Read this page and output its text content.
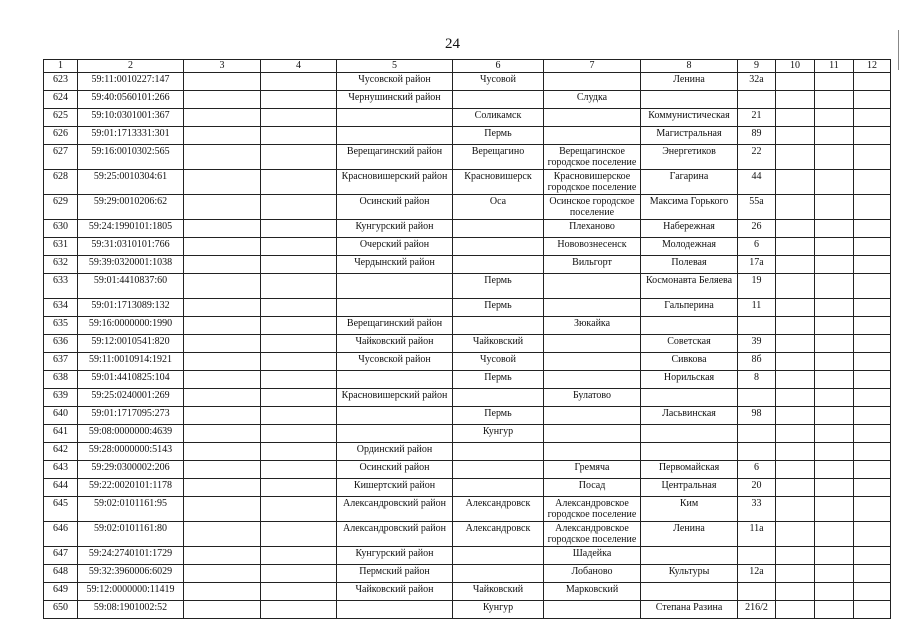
24
1	2	3	4	5	6	7	8	9	10	11	12
623	59:11:0010227:147			Чусовской район	Чусовой		Ленина	32а			
624	59:40:0560101:266			Чернушинский район		Слудка					
625	59:10:0301001:367				Соликамск		Коммунистическая	21			
626	59:01:1713331:301				Пермь		Магистральная	89			
627	59:16:0010302:565			Верещагинский район	Верещагино	Верещагинское городское поселение	Энергетиков	22			
628	59:25:0010304:61			Красновишерский район	Красновишерск	Красновишерское городское поселение	Гагарина	44			
629	59:29:0010206:62			Осинский район	Оса	Осинское городское поселение	Максима Горького	55а			
630	59:24:1990101:1805			Кунгурский район		Плеханово	Набережная	26			
631	59:31:0310101:766			Очерский район		Нововознесенск	Молодежная	6			
632	59:39:0320001:1038			Чердынский район		Вильгорт	Полевая	17а			
633	59:01:4410837:60				Пермь		Космонавта Беляева	19			
634	59:01:1713089:132				Пермь		Гальперина	11			
635	59:16:0000000:1990			Верещагинский район		Зюкайка					
636	59:12:0010541:820			Чайковский район	Чайковский		Советская	39			
637	59:11:0010914:1921			Чусовской район	Чусовой		Сивкова	8б			
638	59:01:4410825:104				Пермь		Норильская	8			
639	59:25:0240001:269			Красновишерский район		Булатово					
640	59:01:1717095:273				Пермь		Ласьвинская	98			
641	59:08:0000000:4639				Кунгур						
642	59:28:0000000:5143			Ординский район							
643	59:29:0300002:206			Осинский район		Гремяча	Первомайская	6			
644	59:22:0020101:1178			Кишертский район		Посад	Центральная	20			
645	59:02:0101161:95			Александровский район	Александровск	Александровское городское поселение	Ким	33			
646	59:02:0101161:80			Александровский район	Александровск	Александровское городское поселение	Ленина	11а			
647	59:24:2740101:1729			Кунгурский район		Шадейка					
648	59:32:3960006:6029			Пермский район		Лобаново	Культуры	12а			
649	59:12:0000000:11419			Чайковский район	Чайковский	Марковский					
650	59:08:1901002:52				Кунгур		Степана Разина	216/2			
